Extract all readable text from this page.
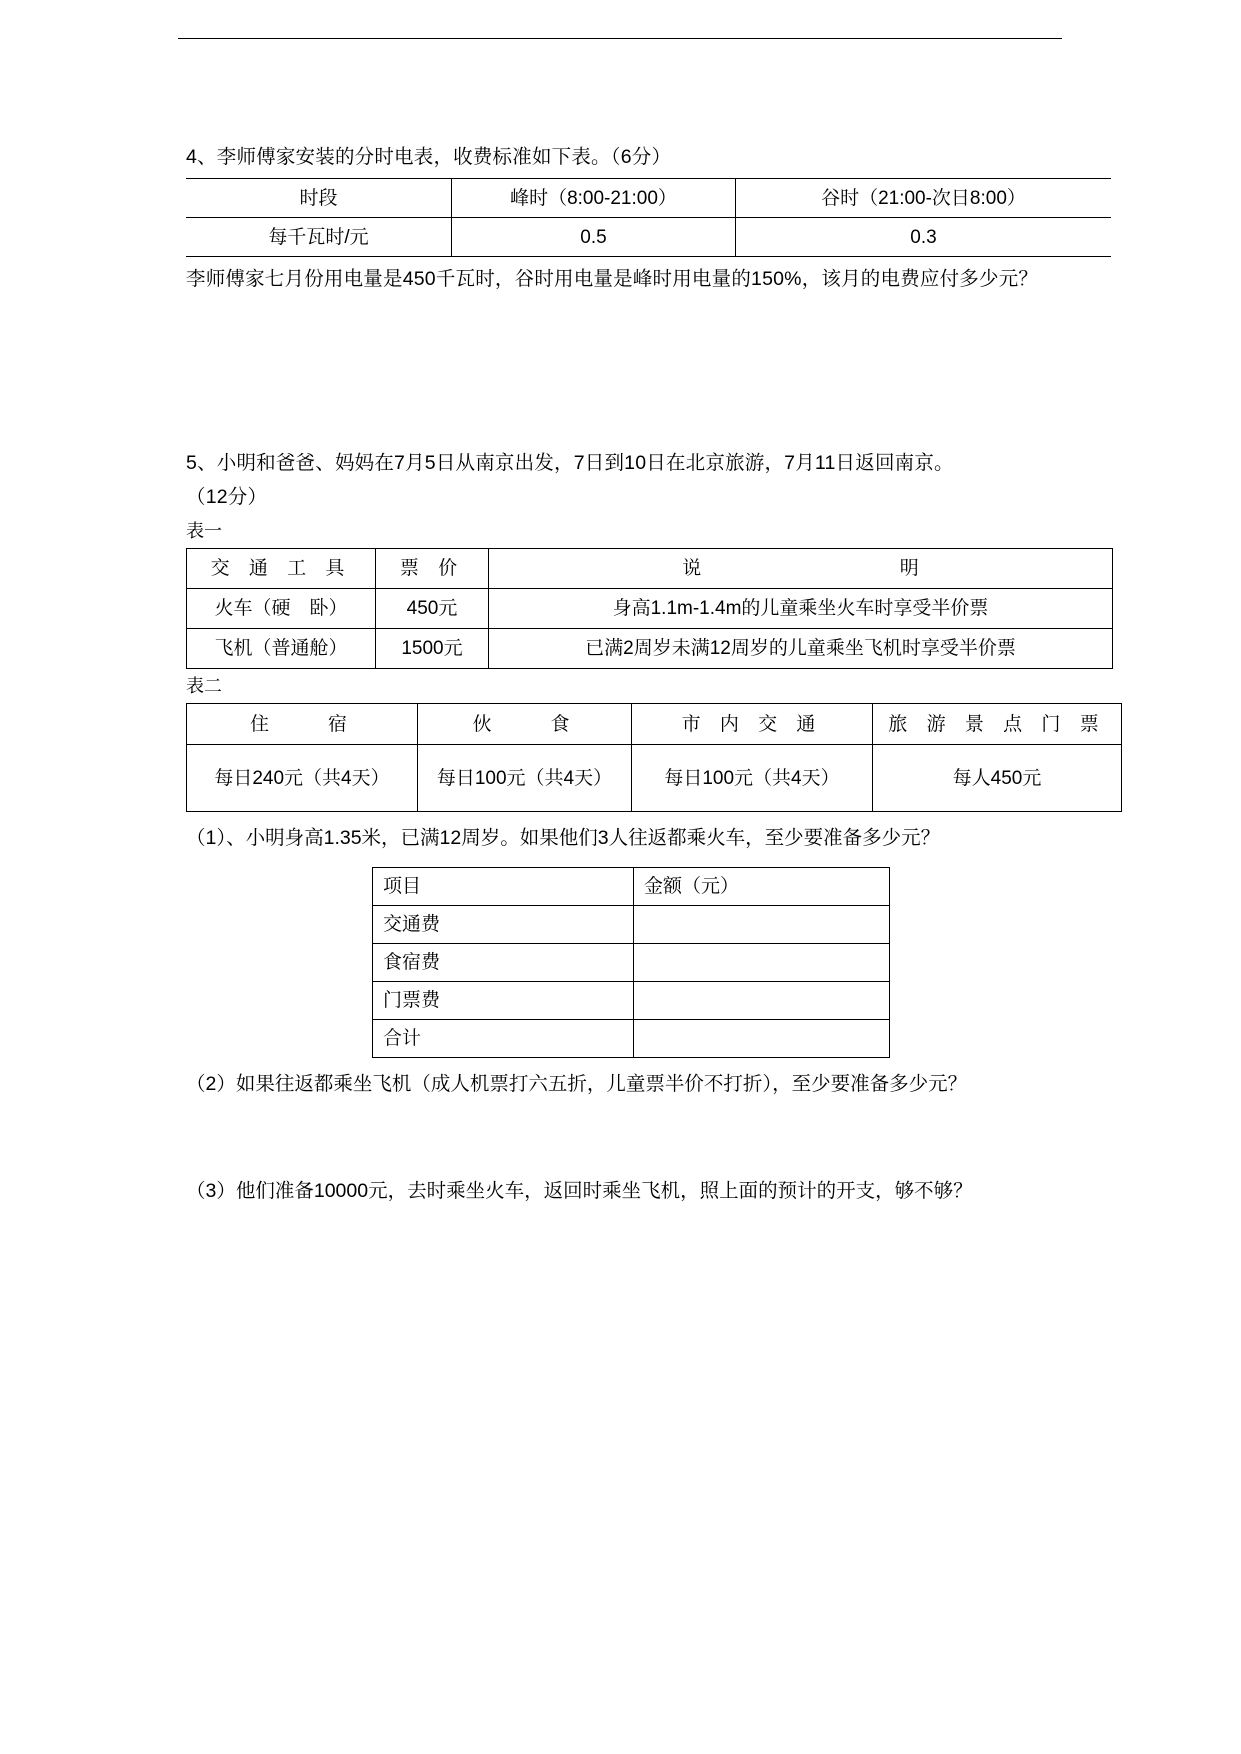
4、李师傅家安装的分时电表，收费标准如下表。（6分）
时段	峰时（8:00-21:00）	谷时（21:00-次日8:00）
每千瓦时/元	0.5	0.3
李师傅家七月份用电量是450千瓦时，谷时用电量是峰时用电量的150%，该月的电费应付多少元？
5、小明和爸爸、妈妈在7月5日从南京出发，7日到10日在北京旅游，7月11日返回南京。
（12分）
表一
交 通 工 具	票 价	说 明

火车（硬　卧）	450元	身高1.1m-1.4m的儿童乘坐火车时享受半价票
飞机（普通舱）	1500元	已满2周岁未满12周岁的儿童乘坐飞机时享受半价票
表二
住　　宿	伙　　食	市 内 交 通	旅 游 景 点 门 票

每日240元（共4天）	每日100元（共4天）	每日100元（共4天）	每人450元
（1）、小明身高1.35米，已满12周岁。如果他们3人往返都乘火车，至少要准备多少元？
项目	金额（元）
交通费	
食宿费	
门票费	
合计	
（2）如果往返都乘坐飞机（成人机票打六五折，儿童票半价不打折），至少要准备多少元？
（3）他们准备10000元，去时乘坐火车，返回时乘坐飞机，照上面的预计的开支，够不够？
